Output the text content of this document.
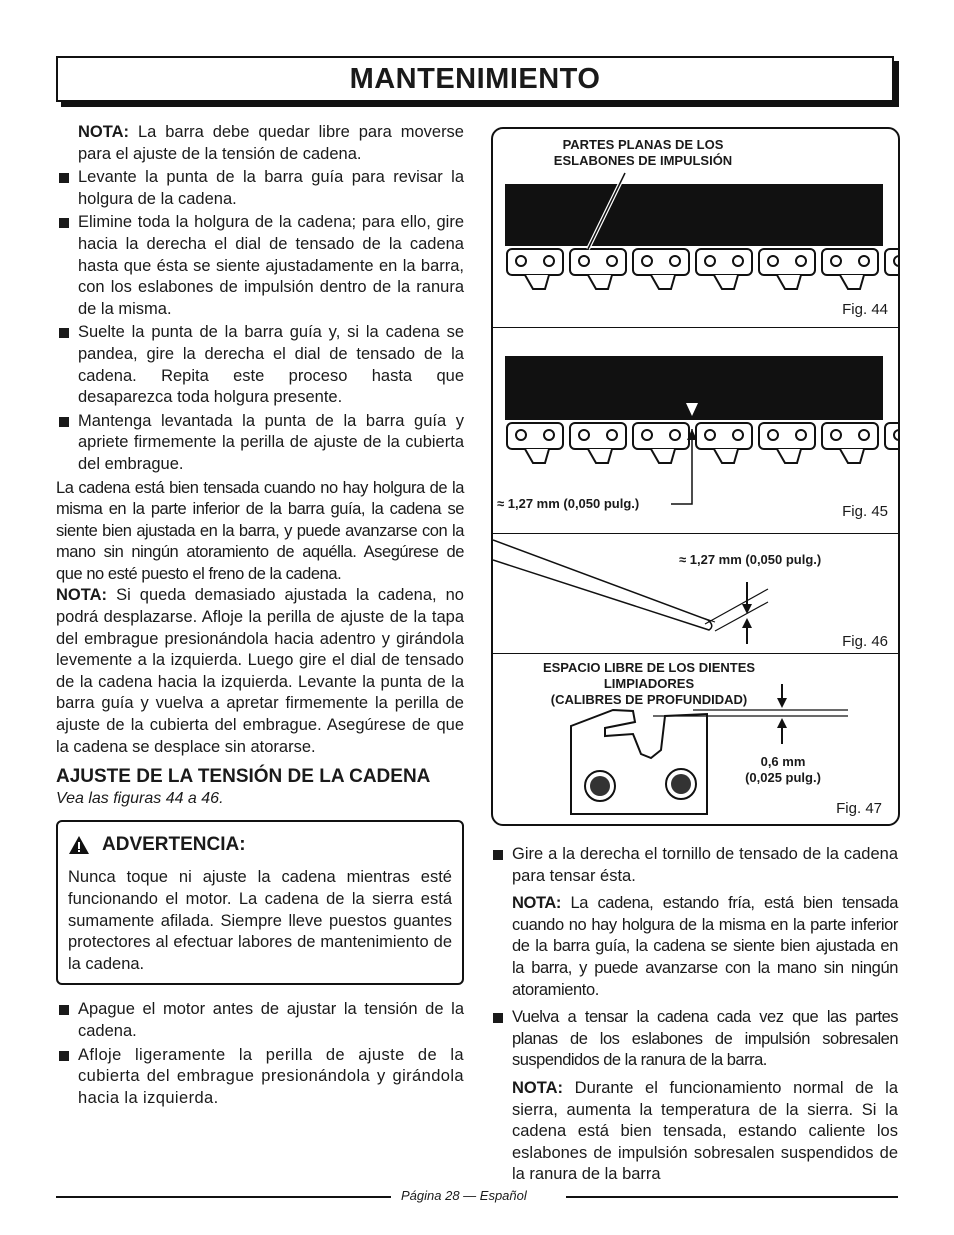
MANTENIMIENTO

NOTA: La barra debe quedar libre para moverse para el ajuste de la tensión de cadena.

Levante la punta de la barra guía para revisar la holgura de la cadena.

Elimine toda la holgura de la cadena; para ello, gire hacia la derecha el dial de tensado de la cadena hasta que ésta se siente ajustadamente en la barra, con los eslabones de impulsión dentro de la ranura de la misma.

Suelte la punta de la barra guía y, si la cadena se pandea, gire la derecha el dial de tensado de la cadena. Repita este proceso hasta que desaparezca toda holgura presente.

Mantenga levantada la punta de la barra guía y apriete firmemente la perilla de ajuste de la cubierta del embrague.

La cadena está bien tensada cuando no hay holgura de la misma en la parte inferior de la barra guía, la cadena se siente bien ajustada en la barra, y puede avanzarse con la mano sin ningún atoramiento de aquélla. Asegúrese de que no esté puesto el freno de la cadena.

NOTA: Si queda demasiado ajustada la cadena, no podrá desplazarse. Afloje la perilla de ajuste de la tapa del embrague presionándola hacia adentro y girándola levemente a la izquierda. Luego gire el dial de tensado de la cadena hacia la izquierda. Levante la punta de la barra guía y vuelva a apretar firmemente la perilla de ajuste de la cubierta del embrague. Asegúrese de que la cadena se desplace sin atorarse.

AJUSTE DE LA TENSIÓN DE LA CADENA
Vea las figuras 44 a 46.
ADVERTENCIA:

Nunca toque ni ajuste la cadena mientras esté funcionando el motor. La cadena de la sierra está sumamente afilada. Siempre lleve puestos guantes protectores al efectuar labores de mantenimiento de la cadena.

Apague el motor antes de ajustar la tensión de la cadena.

Afloje ligeramente la perilla de ajuste de la cubierta del embrague presionándola y girándola hacia la izquierda.

PARTES PLANAS DE LOS
ESLABONES DE IMPULSIÓN
Fig. 44
≈ 1,27 mm (0,050 pulg.)	Fig. 45
≈ 1,27 mm (0,050 pulg.)
Fig. 46
ESPACIO LIBRE DE LOS DIENTES LIMPIADORES
(CALIBRES DE PROFUNDIDAD)
0,6 mm
(0,025 pulg.)
Fig. 47

Gire a la derecha el tornillo de tensado de la cadena para tensar ésta.

NOTA: La cadena, estando fría, está bien tensada cuando no hay holgura de la misma en la parte inferior de la barra guía, la cadena se siente bien ajustada en la barra, y puede avanzarse con la mano sin ningún atoramiento.

Vuelva a tensar la cadena cada vez que las partes planas de los eslabones de impulsión sobresalen suspendidos de la ranura de la barra.

NOTA: Durante el funcionamiento normal de la sierra, aumenta la temperatura de la sierra. Si la cadena está bien tensada, estando caliente los eslabones de impulsión sobresalen suspendidos de la ranura de la barra

Página 28 — Español
